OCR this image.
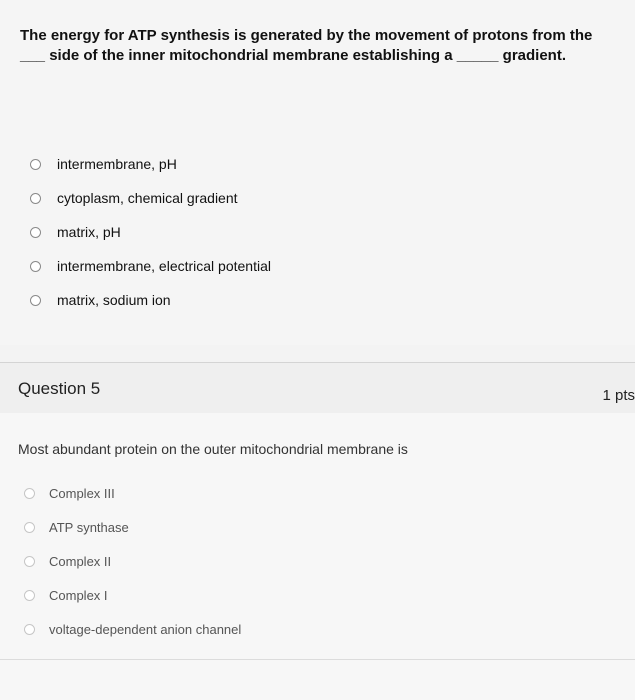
The energy for ATP synthesis is generated by the movement of protons from the ___ side of the inner mitochondrial membrane establishing a _____ gradient.
intermembrane, pH
cytoplasm, chemical gradient
matrix, pH
intermembrane, electrical potential
matrix, sodium ion
Question 5	1 pts
Most abundant protein on the outer mitochondrial membrane is
Complex III
ATP synthase
Complex II
Complex I
voltage-dependent anion channel
